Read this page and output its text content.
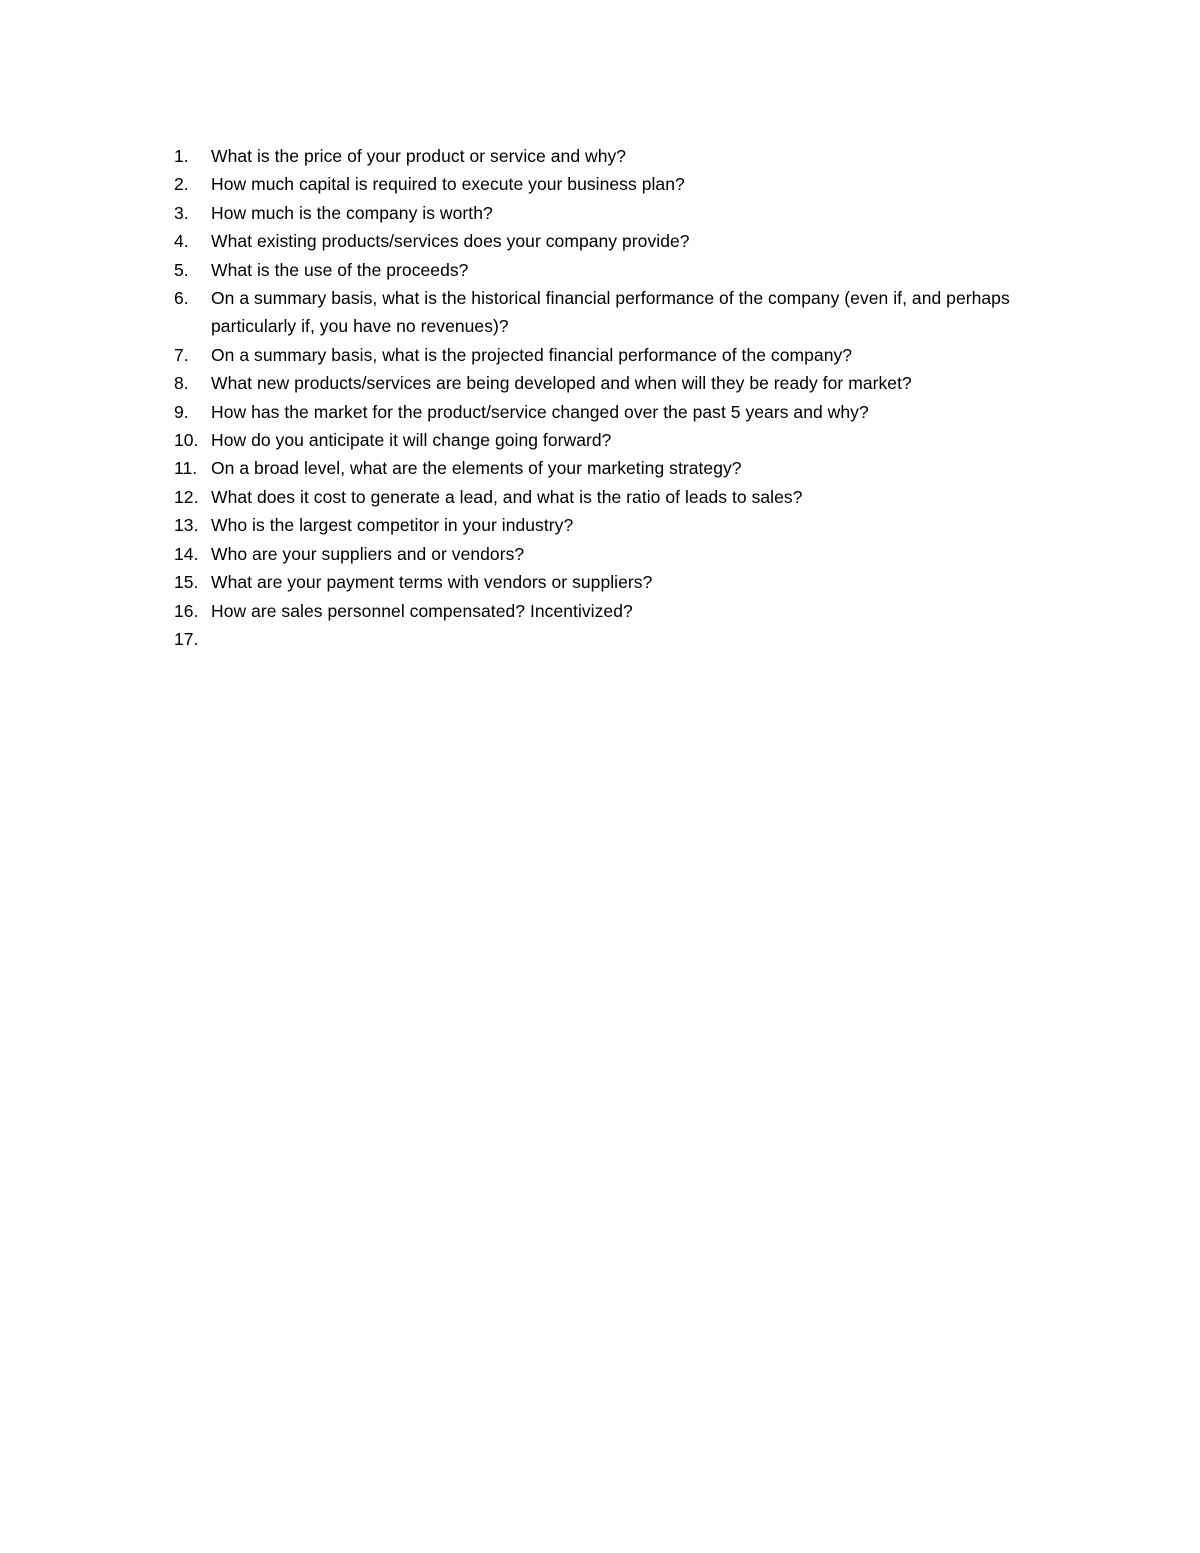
1.	What is the price of your product or service and why?
2.	How much capital is required to execute your business plan?
3.	How much is the company is worth?
4.	What existing products/services does your company provide?
5.	What is the use of the proceeds?
6.	On a summary basis, what is the historical financial performance of the company (even if, and perhaps particularly if, you have no revenues)?
7.	On a summary basis, what is the projected financial performance of the company?
8.	What new products/services are being developed and when will they be ready for market?
9.	How has the market for the product/service changed over the past 5 years and why?
10. How do you anticipate it will change going forward?
11. On a broad level, what are the elements of your marketing strategy?
12. What does it cost to generate a lead, and what is the ratio of leads to sales?
13. Who is the largest competitor in your industry?
14. Who are your suppliers and or vendors?
15. What are your payment terms with vendors or suppliers?
16. How are sales personnel compensated? Incentivized?
17.
